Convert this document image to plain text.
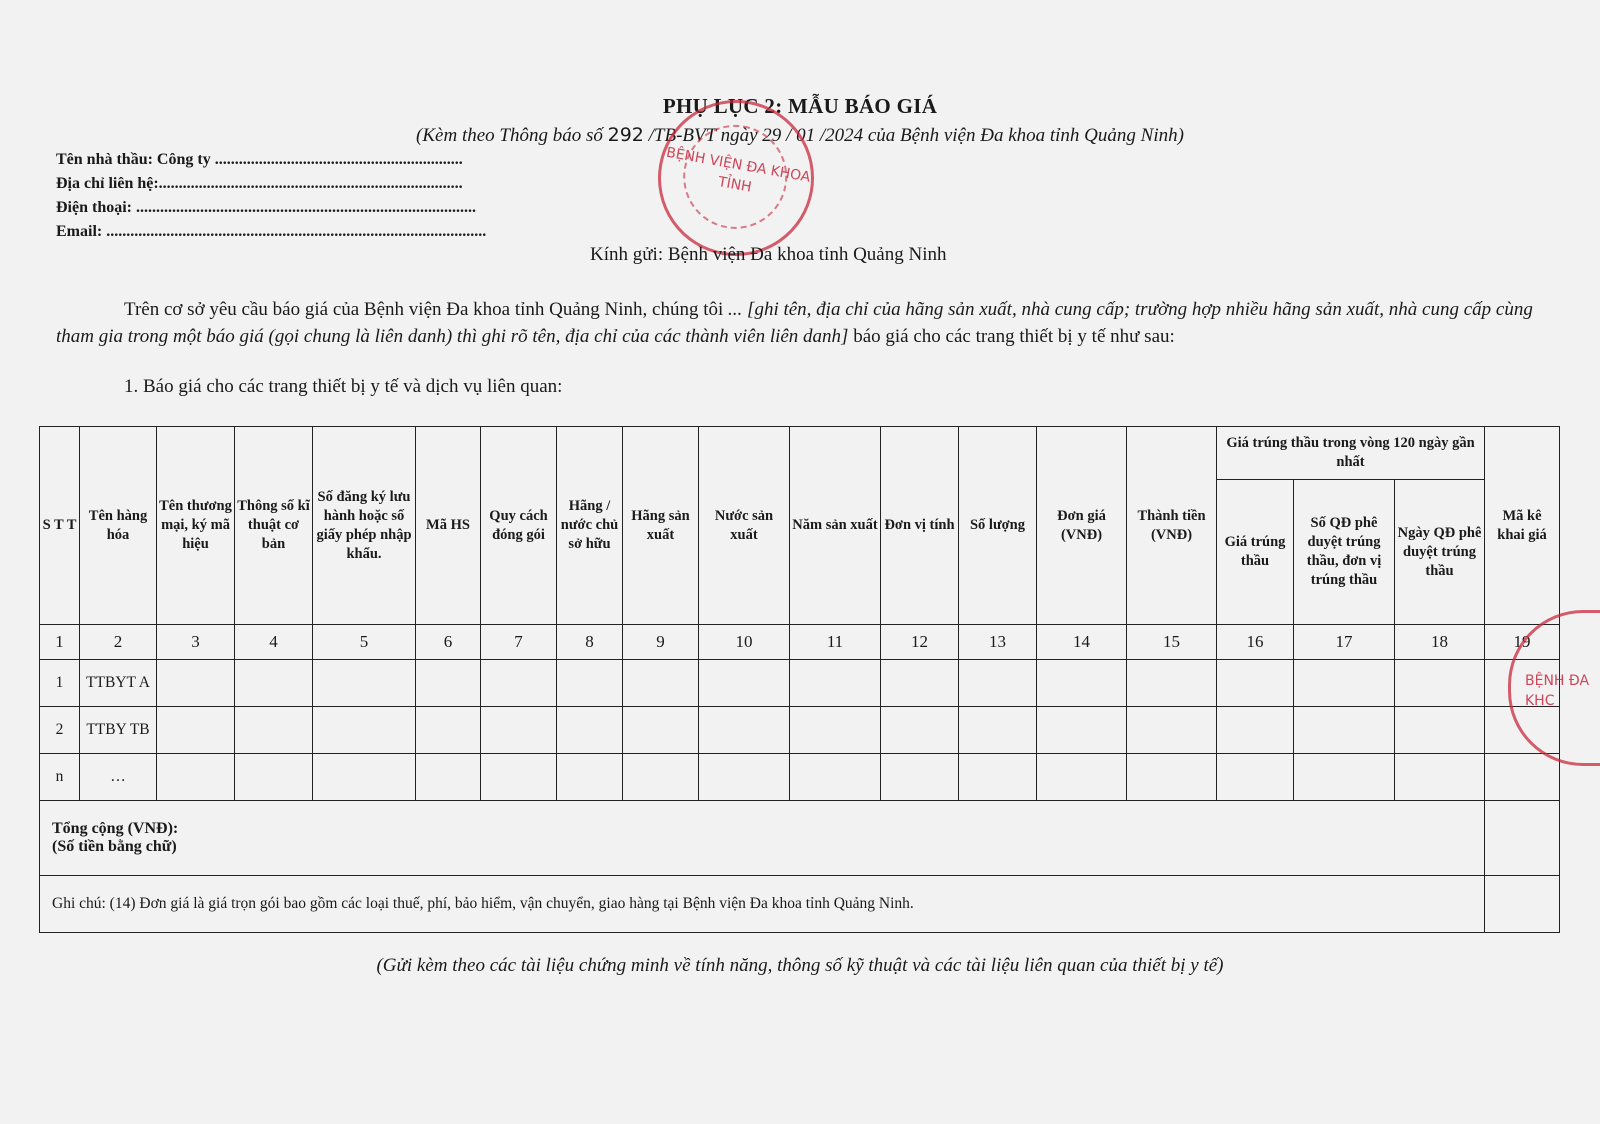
PHỤ LỤC 2: MẪU BÁO GIÁ
(Kèm theo Thông báo số 292 /TB-BVT ngày 29 / 01 /2024 của Bệnh viện Đa khoa tỉnh Quảng Ninh)
Tên nhà thầu: Công ty ..............................................................
Địa chỉ liên hệ:............................................................................
Điện thoại: .....................................................................................
Email: ...............................................................................................
BỆNH VIỆN ĐA KHOA TỈNH
Kính gửi: Bệnh viện Đa khoa tỉnh Quảng Ninh

Trên cơ sở yêu cầu báo giá của Bệnh viện Đa khoa tỉnh Quảng Ninh, chúng tôi ... [ghi tên, địa chỉ của hãng sản xuất, nhà cung cấp; trường hợp nhiều hãng sản xuất, nhà cung cấp cùng tham gia trong một báo giá (gọi chung là liên danh) thì ghi rõ tên, địa chỉ của các thành viên liên danh] báo giá cho các trang thiết bị y tế như sau:

1. Báo giá cho các trang thiết bị y tế và dịch vụ liên quan:
S T T	Tên hàng hóa	Tên thương mại, ký mã hiệu	Thông số kĩ thuật cơ bản	Số đăng ký lưu hành hoặc số giấy phép nhập khẩu.	Mã HS	Quy cách đóng gói	Hãng / nước chủ sở hữu	Hãng sản xuất	Nước sản xuất	Năm sản xuất	Đơn vị tính	Số lượng	Đơn giá (VNĐ)	Thành tiền (VNĐ)	Giá trúng thầu trong vòng 120 ngày gần nhất			Mã kê khai giá
															Giá trúng thầu	Số QĐ phê duyệt trúng thầu, đơn vị trúng thầu	Ngày QĐ phê duyệt trúng thầu	
1	2	3	4	5	6	7	8	9	10	11	12	13	14	15	16	17	18	19
1	TTBYT A																	
2	TTBY TB																	
n	…																	

Tổng cộng (VNĐ):
(Số tiền bằng chữ)																		

Ghi chú: (14) Đơn giá là giá trọn gói bao gồm các loại thuế, phí, bảo hiểm, vận chuyển, giao hàng tại Bệnh viện Đa khoa tỉnh Quảng Ninh.																		
BỆNH ĐA KHC
(Gửi kèm theo các tài liệu chứng minh về tính năng, thông số kỹ thuật và các tài liệu liên quan của thiết bị y tế)
